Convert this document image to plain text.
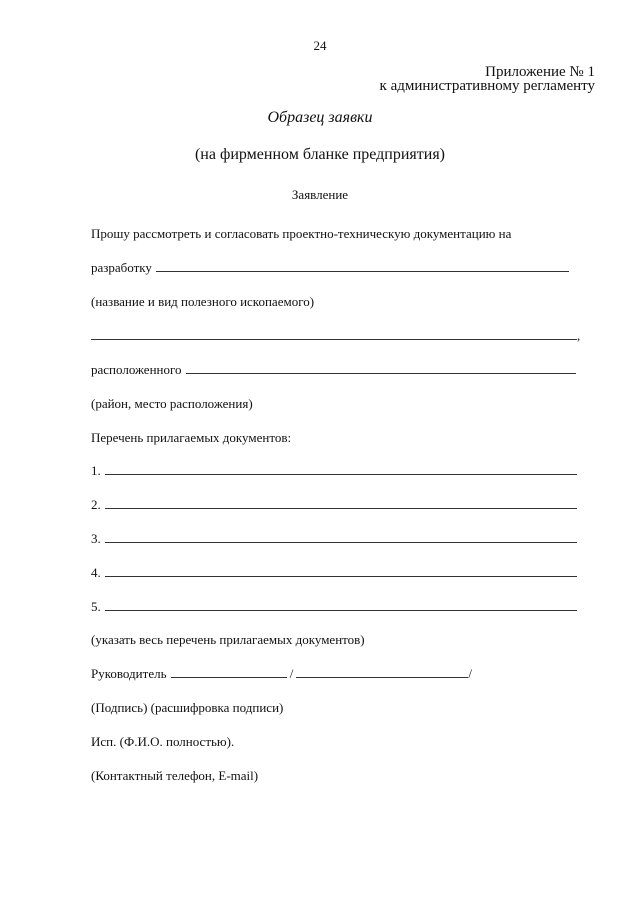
24
Приложение № 1
к административному регламенту
Образец заявки
(на фирменном бланке предприятия)
Заявление
Прошу рассмотреть и согласовать проектно-техническую документацию на
разработку
(название и вид полезного ископаемого)
,
расположенного
(район, место расположения)
Перечень прилагаемых документов:
1.
2.
3.
4.
5.
(указать весь перечень прилагаемых документов)
Руководитель	/	/
(Подпись) (расшифровка подписи)
Исп. (Ф.И.О. полностью).
(Контактный телефон, E-mail)
